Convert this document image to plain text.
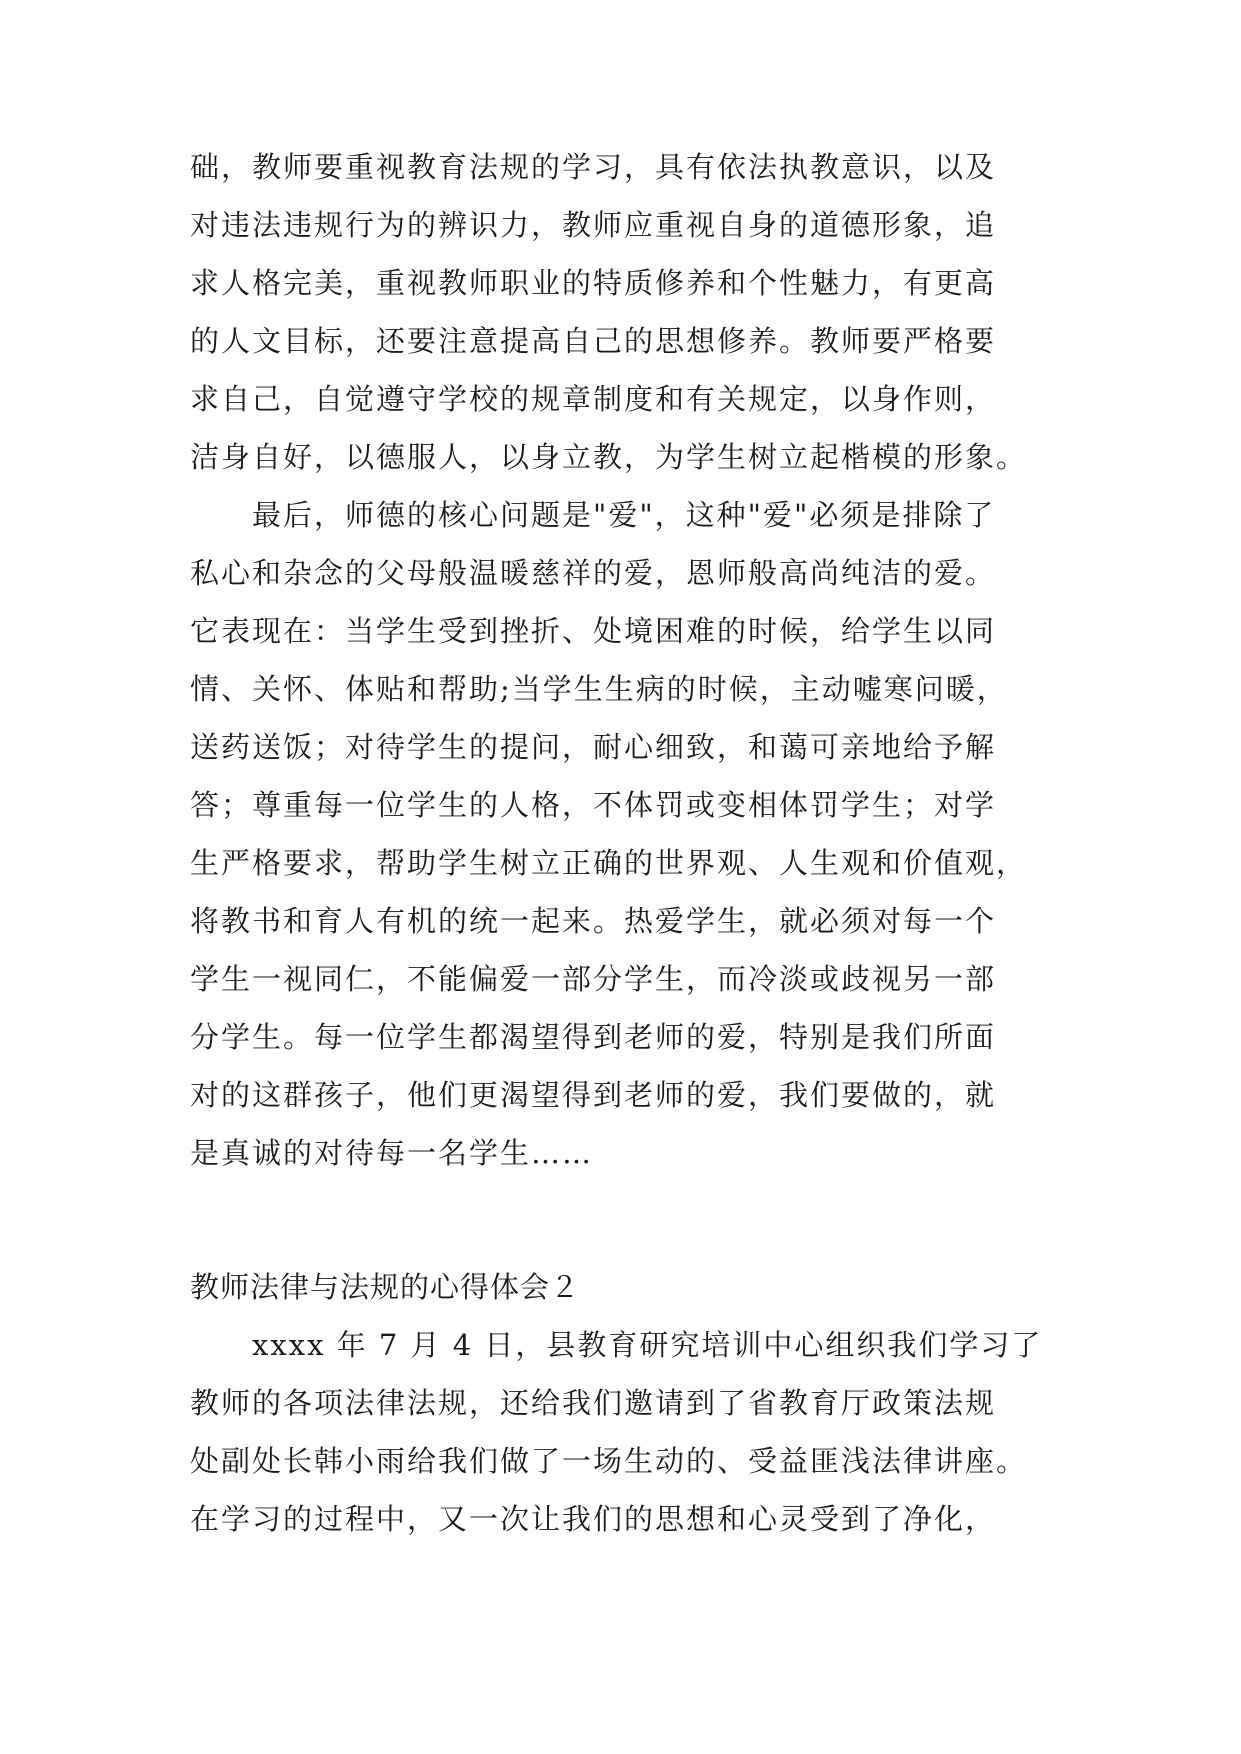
础，教师要重视教育法规的学习，具有依法执教意识，以及
对违法违规行为的辨识力，教师应重视自身的道德形象，追
求人格完美，重视教师职业的特质修养和个性魅力，有更高
的人文目标，还要注意提高自己的思想修养。教师要严格要
求自己，自觉遵守学校的规章制度和有关规定，以身作则，
洁身自好，以德服人，以身立教，为学生树立起楷模的形象。
　　最后，师德的核心问题是"爱"，这种"爱"必须是排除了
私心和杂念的父母般温暖慈祥的爱，恩师般高尚纯洁的爱。
它表现在：当学生受到挫折、处境困难的时候，给学生以同
情、关怀、体贴和帮助;当学生生病的时候，主动嘘寒问暖，
送药送饭；对待学生的提问，耐心细致，和蔼可亲地给予解
答；尊重每一位学生的人格，不体罚或变相体罚学生；对学
生严格要求，帮助学生树立正确的世界观、人生观和价值观，
将教书和育人有机的统一起来。热爱学生，就必须对每一个
学生一视同仁，不能偏爱一部分学生，而冷淡或歧视另一部
分学生。每一位学生都渴望得到老师的爱，特别是我们所面
对的这群孩子，他们更渴望得到老师的爱，我们要做的，就
是真诚的对待每一名学生……
教师法律与法规的心得体会２
　　xxxx 年 7 月 4 日，县教育研究培训中心组织我们学习了
教师的各项法律法规，还给我们邀请到了省教育厅政策法规
处副处长韩小雨给我们做了一场生动的、受益匪浅法律讲座。
在学习的过程中，又一次让我们的思想和心灵受到了净化，
